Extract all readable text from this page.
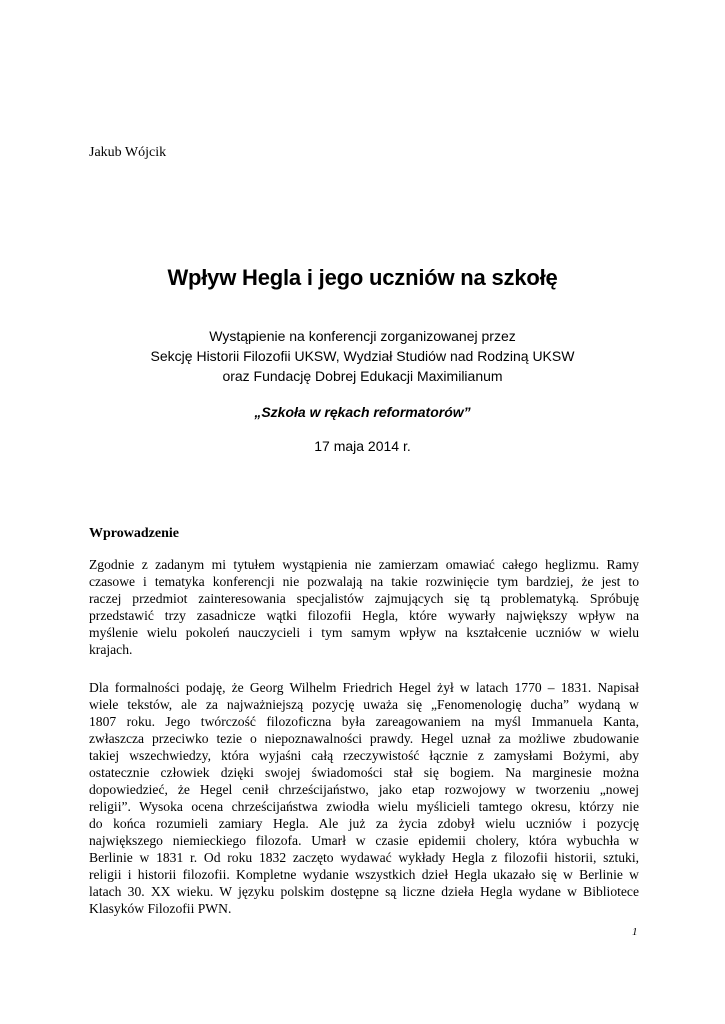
Jakub Wójcik
Wpływ Hegla i jego uczniów na szkołę
Wystąpienie na konferencji zorganizowanej przez
Sekcję Historii Filozofii UKSW, Wydział Studiów nad Rodziną UKSW
oraz Fundację Dobrej Edukacji Maximilianum
„Szkoła w rękach reformatorów”
17 maja 2014 r.
Wprowadzenie
Zgodnie z zadanym mi tytułem wystąpienia nie zamierzam omawiać całego heglizmu. Ramy
czasowe i tematyka konferencji nie pozwalają na takie rozwinięcie tym bardziej, że jest to
raczej przedmiot zainteresowania specjalistów zajmujących się tą problematyką. Spróbuję
przedstawić trzy zasadnicze wątki filozofii Hegla, które wywarły największy wpływ na
myślenie wielu pokoleń nauczycieli i tym samym wpływ na kształcenie uczniów w wielu
krajach.
Dla formalności podaję, że Georg Wilhelm Friedrich Hegel żył w latach 1770 – 1831. Napisał
wiele tekstów, ale za najważniejszą pozycję uważa się „Fenomenologię ducha” wydaną w
1807 roku. Jego twórczość filozoficzna była zareagowaniem na myśl Immanuela Kanta,
zwłaszcza przeciwko tezie o niepoznawalności prawdy. Hegel uznał za możliwe zbudowanie
takiej wszechwiedzy, która wyjaśni całą rzeczywistość łącznie z zamysłami Bożymi, aby
ostatecznie człowiek dzięki swojej świadomości stał się bogiem. Na marginesie można
dopowiedzieć, że Hegel cenił chrześcijaństwo, jako etap rozwojowy w tworzeniu „nowej
religii”. Wysoka ocena chrześcijaństwa zwiodła wielu myślicieli tamtego okresu, którzy nie
do końca rozumieli zamiary Hegla. Ale już za życia zdobył wielu uczniów i pozycję
największego niemieckiego filozofa. Umarł w czasie epidemii cholery, która wybuchła w
Berlinie w 1831 r. Od roku 1832 zaczęto wydawać wykłady Hegla z filozofii historii, sztuki,
religii i historii filozofii. Kompletne wydanie wszystkich dzieł Hegla ukazało się w Berlinie w
latach 30. XX wieku. W języku polskim dostępne są liczne dzieła Hegla wydane w Bibliotece
Klasyków Filozofii PWN.
1
